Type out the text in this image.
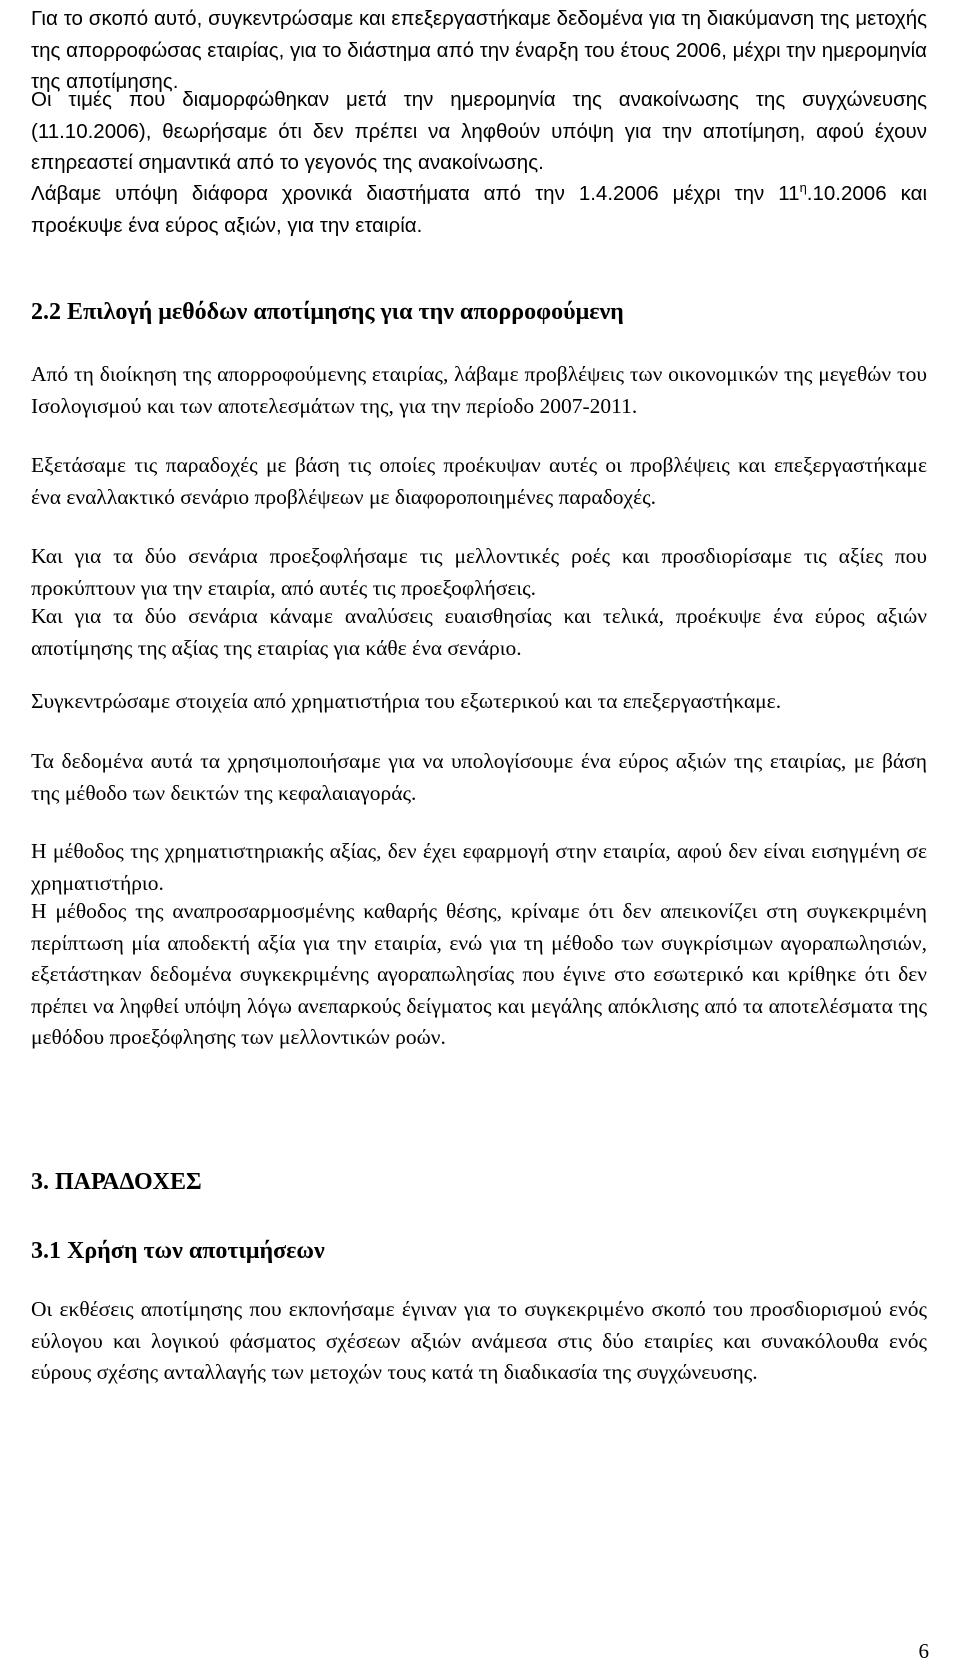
Για το σκοπό αυτό, συγκεντρώσαμε και επεξεργαστήκαμε δεδομένα για τη διακύμανση της μετοχής της απορροφώσας εταιρίας, για το διάστημα από την έναρξη του έτους 2006, μέχρι την ημερομηνία της αποτίμησης.

Οι τιμές που διαμορφώθηκαν μετά την ημερομηνία της ανακοίνωσης της συγχώνευσης (11.10.2006), θεωρήσαμε ότι δεν πρέπει να ληφθούν υπόψη για την αποτίμηση, αφού έχουν επηρεαστεί σημαντικά από το γεγονός της ανακοίνωσης.

Λάβαμε υπόψη διάφορα χρονικά διαστήματα από την 1.4.2006 μέχρι την $11^\eta.10.2006$ και προέκυψε ένα εύρος αξιών, για την εταιρία.

2.2 Επιλογή μεθόδων αποτίμησης για την απορροφούμενη

Από τη διοίκηση της απορροφούμενης εταιρίας, λάβαμε προβλέψεις των οικονομικών της μεγεθών του Ισολογισμού και των αποτελεσμάτων της, για την περίοδο 2007-2011.

Εξετάσαμε τις παραδοχές με βάση τις οποίες προέκυψαν αυτές οι προβλέψεις και επεξεργαστήκαμε ένα εναλλακτικό σενάριο προβλέψεων με διαφοροποιημένες παραδοχές.

Και για τα δύο σενάρια προεξοφλήσαμε τις μελλοντικές ροές και προσδιορίσαμε τις αξίες που προκύπτουν για την εταιρία, από αυτές τις προεξοφλήσεις.

Και για τα δύο σενάρια κάναμε αναλύσεις ευαισθησίας και τελικά, προέκυψε ένα εύρος αξιών αποτίμησης της αξίας της εταιρίας για κάθε ένα σενάριο.

Συγκεντρώσαμε στοιχεία από χρηματιστήρια του εξωτερικού και τα επεξεργαστήκαμε.

Τα δεδομένα αυτά τα χρησιμοποιήσαμε για να υπολογίσουμε ένα εύρος αξιών της εταιρίας, με βάση της μέθοδο των δεικτών της κεφαλαιαγοράς.

Η μέθοδος της χρηματιστηριακής αξίας, δεν έχει εφαρμογή στην εταιρία, αφού δεν είναι εισηγμένη σε χρηματιστήριο.

Η μέθοδος της αναπροσαρμοσμένης καθαρής θέσης, κρίναμε ότι δεν απεικονίζει στη συγκεκριμένη περίπτωση μία αποδεκτή αξία για την εταιρία, ενώ για τη μέθοδο των συγκρίσιμων αγοραπωλησιών, εξετάστηκαν δεδομένα συγκεκριμένης αγοραπωλησίας που έγινε στο εσωτερικό και κρίθηκε ότι δεν πρέπει να ληφθεί υπόψη λόγω ανεπαρκούς δείγματος και μεγάλης απόκλισης από τα αποτελέσματα της μεθόδου προεξόφλησης των μελλοντικών ροών.

3. ΠΑΡΑΔΟΧΕΣ
3.1 Χρήση των αποτιμήσεων

Οι εκθέσεις αποτίμησης που εκπονήσαμε έγιναν για το συγκεκριμένο σκοπό του προσδιορισμού ενός εύλογου και λογικού φάσματος σχέσεων αξιών ανάμεσα στις δύο εταιρίες και συνακόλουθα ενός εύρους σχέσης ανταλλαγής των μετοχών τους κατά τη διαδικασία της συγχώνευσης.

6
